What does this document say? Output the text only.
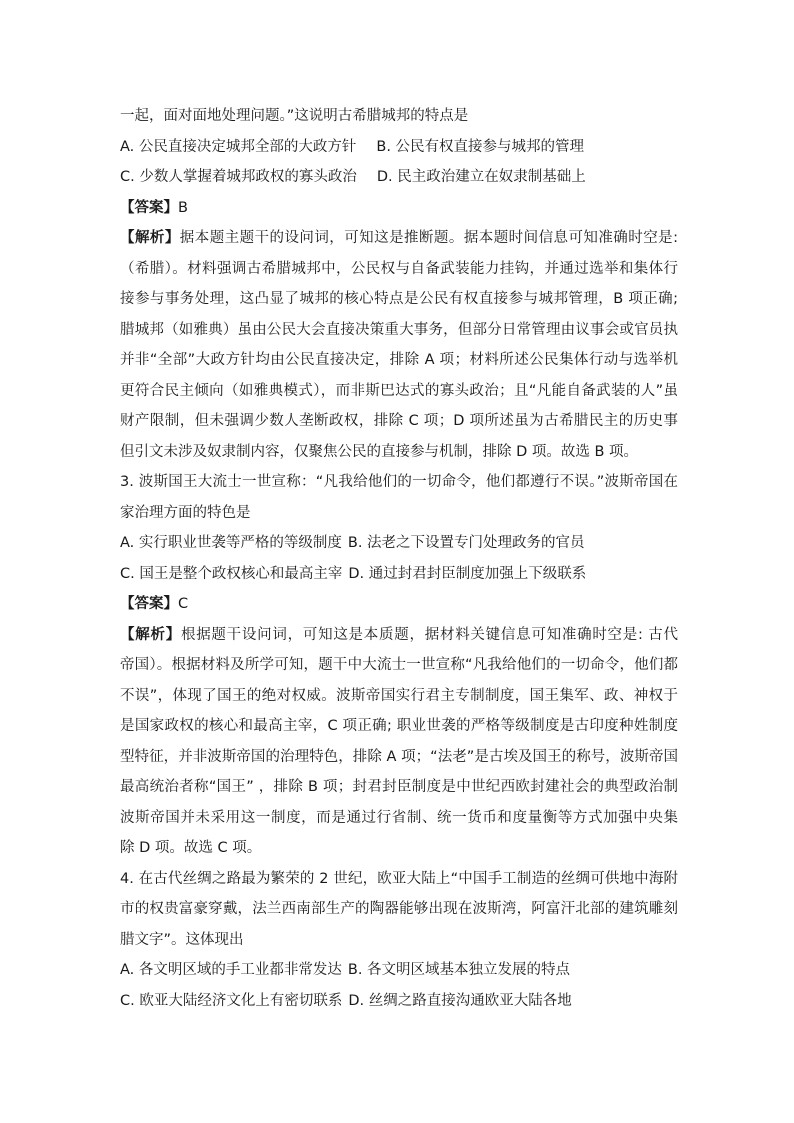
一起，面对面地处理问题。”这说明古希腊城邦的特点是
A. 公民直接决定城邦全部的大政方针 B. 公民有权直接参与城邦的管理
C. 少数人掌握着城邦政权的寡头政治 D. 民主政治建立在奴隶制基础上
【答案】B
【解析】据本题主题干的设问词，可知这是推断题。据本题时间信息可知准确时空是:
（希腊）。材料强调古希腊城邦中，公民权与自备武装能力挂钩，并通过选举和集体行
接参与事务处理，这凸显了城邦的核心特点是公民有权直接参与城邦管理，B 项正确;
腊城邦（如雅典）虽由公民大会直接决策重大事务，但部分日常管理由议事会或官员执
并非“全部”大政方针均由公民直接决定，排除 A 项；材料所述公民集体行动与选举机
更符合民主倾向（如雅典模式），而非斯巴达式的寡头政治；且“凡能自备武装的人”虽
财产限制，但未强调少数人垄断政权，排除 C 项；D 项所述虽为古希腊民主的历史事
但引文未涉及奴隶制内容，仅聚焦公民的直接参与机制，排除 D 项。故选 B 项。
3. 波斯国王大流士一世宣称：“凡我给他们的一切命令，他们都遵行不误。”波斯帝国在
家治理方面的特色是
A. 实行职业世袭等严格的等级制度 B. 法老之下设置专门处理政务的官员
C. 国王是整个政权核心和最高主宰 D. 通过封君封臣制度加强上下级联系
【答案】C
【解析】根据题干设问词，可知这是本质题，据材料关键信息可知准确时空是: 古代
帝国）。根据材料及所学可知，题干中大流士一世宣称“凡我给他们的一切命令，他们都
不误”，体现了国王的绝对权威。波斯帝国实行君主专制制度，国王集军、政、神权于
是国家政权的核心和最高主宰，C 项正确; 职业世袭的严格等级制度是古印度种姓制度
型特征，并非波斯帝国的治理特色，排除 A 项；“法老”是古埃及国王的称号，波斯帝国
最高统治者称“国王” ，排除 B 项；封君封臣制度是中世纪西欧封建社会的典型政治制
波斯帝国并未采用这一制度，而是通过行省制、统一货币和度量衡等方式加强中央集
除 D 项。故选 C 项。
4. 在古代丝绸之路最为繁荣的 2 世纪，欧亚大陆上“中国手工制造的丝绸可供地中海附
市的权贵富豪穿戴，法兰西南部生产的陶器能够出现在波斯湾，阿富汗北部的建筑雕刻
腊文字”。这体现出
A. 各文明区域的手工业都非常发达 B. 各文明区域基本独立发展的特点
C. 欧亚大陆经济文化上有密切联系 D. 丝绸之路直接沟通欧亚大陆各地
